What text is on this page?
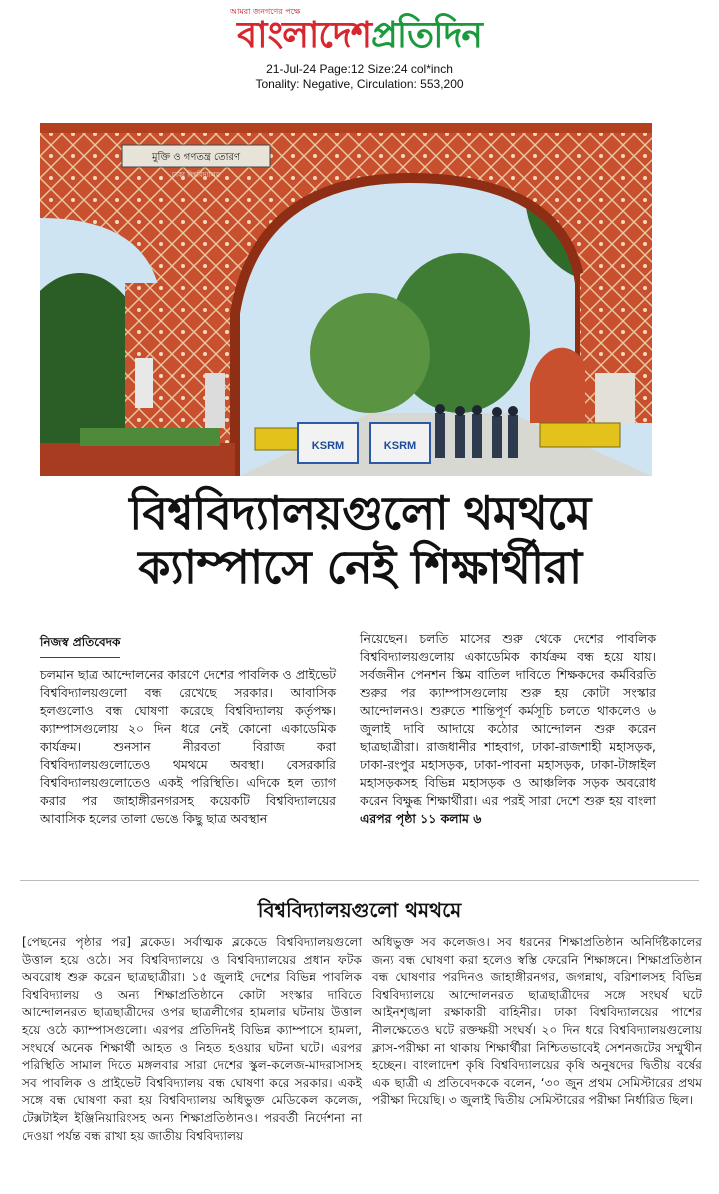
আমরা জনগণের পক্ষে
বাংলাদেশপ্রতিদিন
21-Jul-24 Page:12 Size:24 col*inch
Tonality: Negative, Circulation: 553,200
মুক্তি ও গণতন্ত্র তোরণ
ঢাকা বিশ্ববিদ্যালয়
KSRM	KSRM
বিশ্ববিদ্যালয়গুলো থমথমে
ক্যাম্পাসে নেই শিক্ষার্থীরা
নিজস্ব প্রতিবেদক
চলমান ছাত্র আন্দোলনের কারণে দেশের পাবলিক ও প্রাইভেট বিশ্ববিদ্যালয়গুলো বন্ধ রেখেছে সরকার। আবাসিক হলগুলোও বন্ধ ঘোষণা করেছে বিশ্ববিদ্যালয় কর্তৃপক্ষ। ক্যাম্পাসগুলোয় ২০ দিন ধরে নেই কোনো একাডেমিক কার্যক্রম। শুনসান নীরবতা বিরাজ করা বিশ্ববিদ্যালয়গুলোতেও থমথমে অবস্থা। বেসরকারি বিশ্ববিদ্যালয়গুলোতেও একই পরিস্থিতি। এদিকে হল ত্যাগ করার পর জাহাঙ্গীরনগরসহ কয়েকটি বিশ্ববিদ্যালয়ের আবাসিক হলের তালা ভেঙে কিছু ছাত্র অবস্থান
নিয়েছেন। চলতি মাসের শুরু থেকে দেশের পাবলিক বিশ্ববিদ্যালয়গুলোয় একাডেমিক কার্যক্রম বন্ধ হয়ে যায়। সর্বজনীন পেনশন স্কিম বাতিল দাবিতে শিক্ষকদের কর্মবিরতি শুরুর পর ক্যাম্পাসগুলোয় শুরু হয় কোটা সংস্কার আন্দোলনও। শুরুতে শান্তিপূর্ণ কর্মসূচি চলতে থাকলেও ৬ জুলাই দাবি আদায়ে কঠোর আন্দোলন শুরু করেন ছাত্রছাত্রীরা। রাজধানীর শাহবাগ, ঢাকা-রাজশাহী মহাসড়ক, ঢাকা-রংপুর মহাসড়ক, ঢাকা-পাবনা মহাসড়ক, ঢাকা-টাঙ্গাইল মহাসড়কসহ বিভিন্ন মহাসড়ক ও আঞ্চলিক সড়ক অবরোধ করেন বিক্ষুব্ধ শিক্ষার্থীরা। এর পরই সারা দেশে শুরু হয় বাংলা এরপর পৃষ্ঠা ১১ কলাম ৬
বিশ্ববিদ্যালয়গুলো থমথমে
[পেছনের পৃষ্ঠার পর] ব্লকেড। সর্বাত্মক ব্লকেডে বিশ্ববিদ্যালয়গুলো উত্তাল হয়ে ওঠে। সব বিশ্ববিদ্যালয়ে ও বিশ্ববিদ্যালয়ের প্রধান ফটক অবরোধ শুরু করেন ছাত্রছাত্রীরা। ১৫ জুলাই দেশের বিভিন্ন পাবলিক বিশ্ববিদ্যালয় ও অন্য শিক্ষাপ্রতিষ্ঠানে কোটা সংস্কার দাবিতে আন্দোলনরত ছাত্রছাত্রীদের ওপর ছাত্রলীগের হামলার ঘটনায় উত্তাল হয়ে ওঠে ক্যাম্পাসগুলো। এরপর প্রতিদিনই বিভিন্ন ক্যাম্পাসে হামলা, সংঘর্ষে অনেক শিক্ষার্থী আহত ও নিহত হওয়ার ঘটনা ঘটে। এরপর পরিস্থিতি সামাল দিতে মঙ্গলবার সারা দেশের স্কুল-কলেজ-মাদরাসাসহ সব পাবলিক ও প্রাইভেট বিশ্ববিদ্যালয় বন্ধ ঘোষণা করে সরকার। একই সঙ্গে বন্ধ ঘোষণা করা হয় বিশ্ববিদ্যালয় অধিভুক্ত মেডিকেল কলেজ, টেক্সটাইল ইঞ্জিনিয়ারিংসহ অন্য শিক্ষাপ্রতিষ্ঠানও। পরবর্তী নির্দেশনা না দেওয়া পর্যন্ত বন্ধ রাখা হয় জাতীয় বিশ্ববিদ্যালয়
অধিভুক্ত সব কলেজও। সব ধরনের শিক্ষাপ্রতিষ্ঠান অনির্দিষ্টকালের জন্য বন্ধ ঘোষণা করা হলেও স্বস্তি ফেরেনি শিক্ষাঙ্গনে। শিক্ষাপ্রতিষ্ঠান বন্ধ ঘোষণার পরদিনও জাহাঙ্গীরনগর, জগন্নাথ, বরিশালসহ বিভিন্ন বিশ্ববিদ্যালয়ে আন্দোলনরত ছাত্রছাত্রীদের সঙ্গে সংঘর্ষ ঘটে আইনশৃঙ্খলা রক্ষাকারী বাহিনীর। ঢাকা বিশ্ববিদ্যালয়ের পাশের নীলক্ষেতেও ঘটে রক্তক্ষয়ী সংঘর্ষ। ২০ দিন ধরে বিশ্ববিদ্যালয়গুলোয় ক্লাস-পরীক্ষা না থাকায় শিক্ষার্থীরা নিশ্চিতভাবেই সেশনজটের সম্মুখীন হচ্ছেন। বাংলাদেশ কৃষি বিশ্ববিদ্যালয়ের কৃষি অনুষদের দ্বিতীয় বর্ষের এক ছাত্রী এ প্রতিবেদককে বলেন, ‘৩০ জুন প্রথম সেমিস্টারের প্রথম পরীক্ষা দিয়েছি। ৩ জুলাই দ্বিতীয় সেমিস্টারের পরীক্ষা নির্ধারিত ছিল।
